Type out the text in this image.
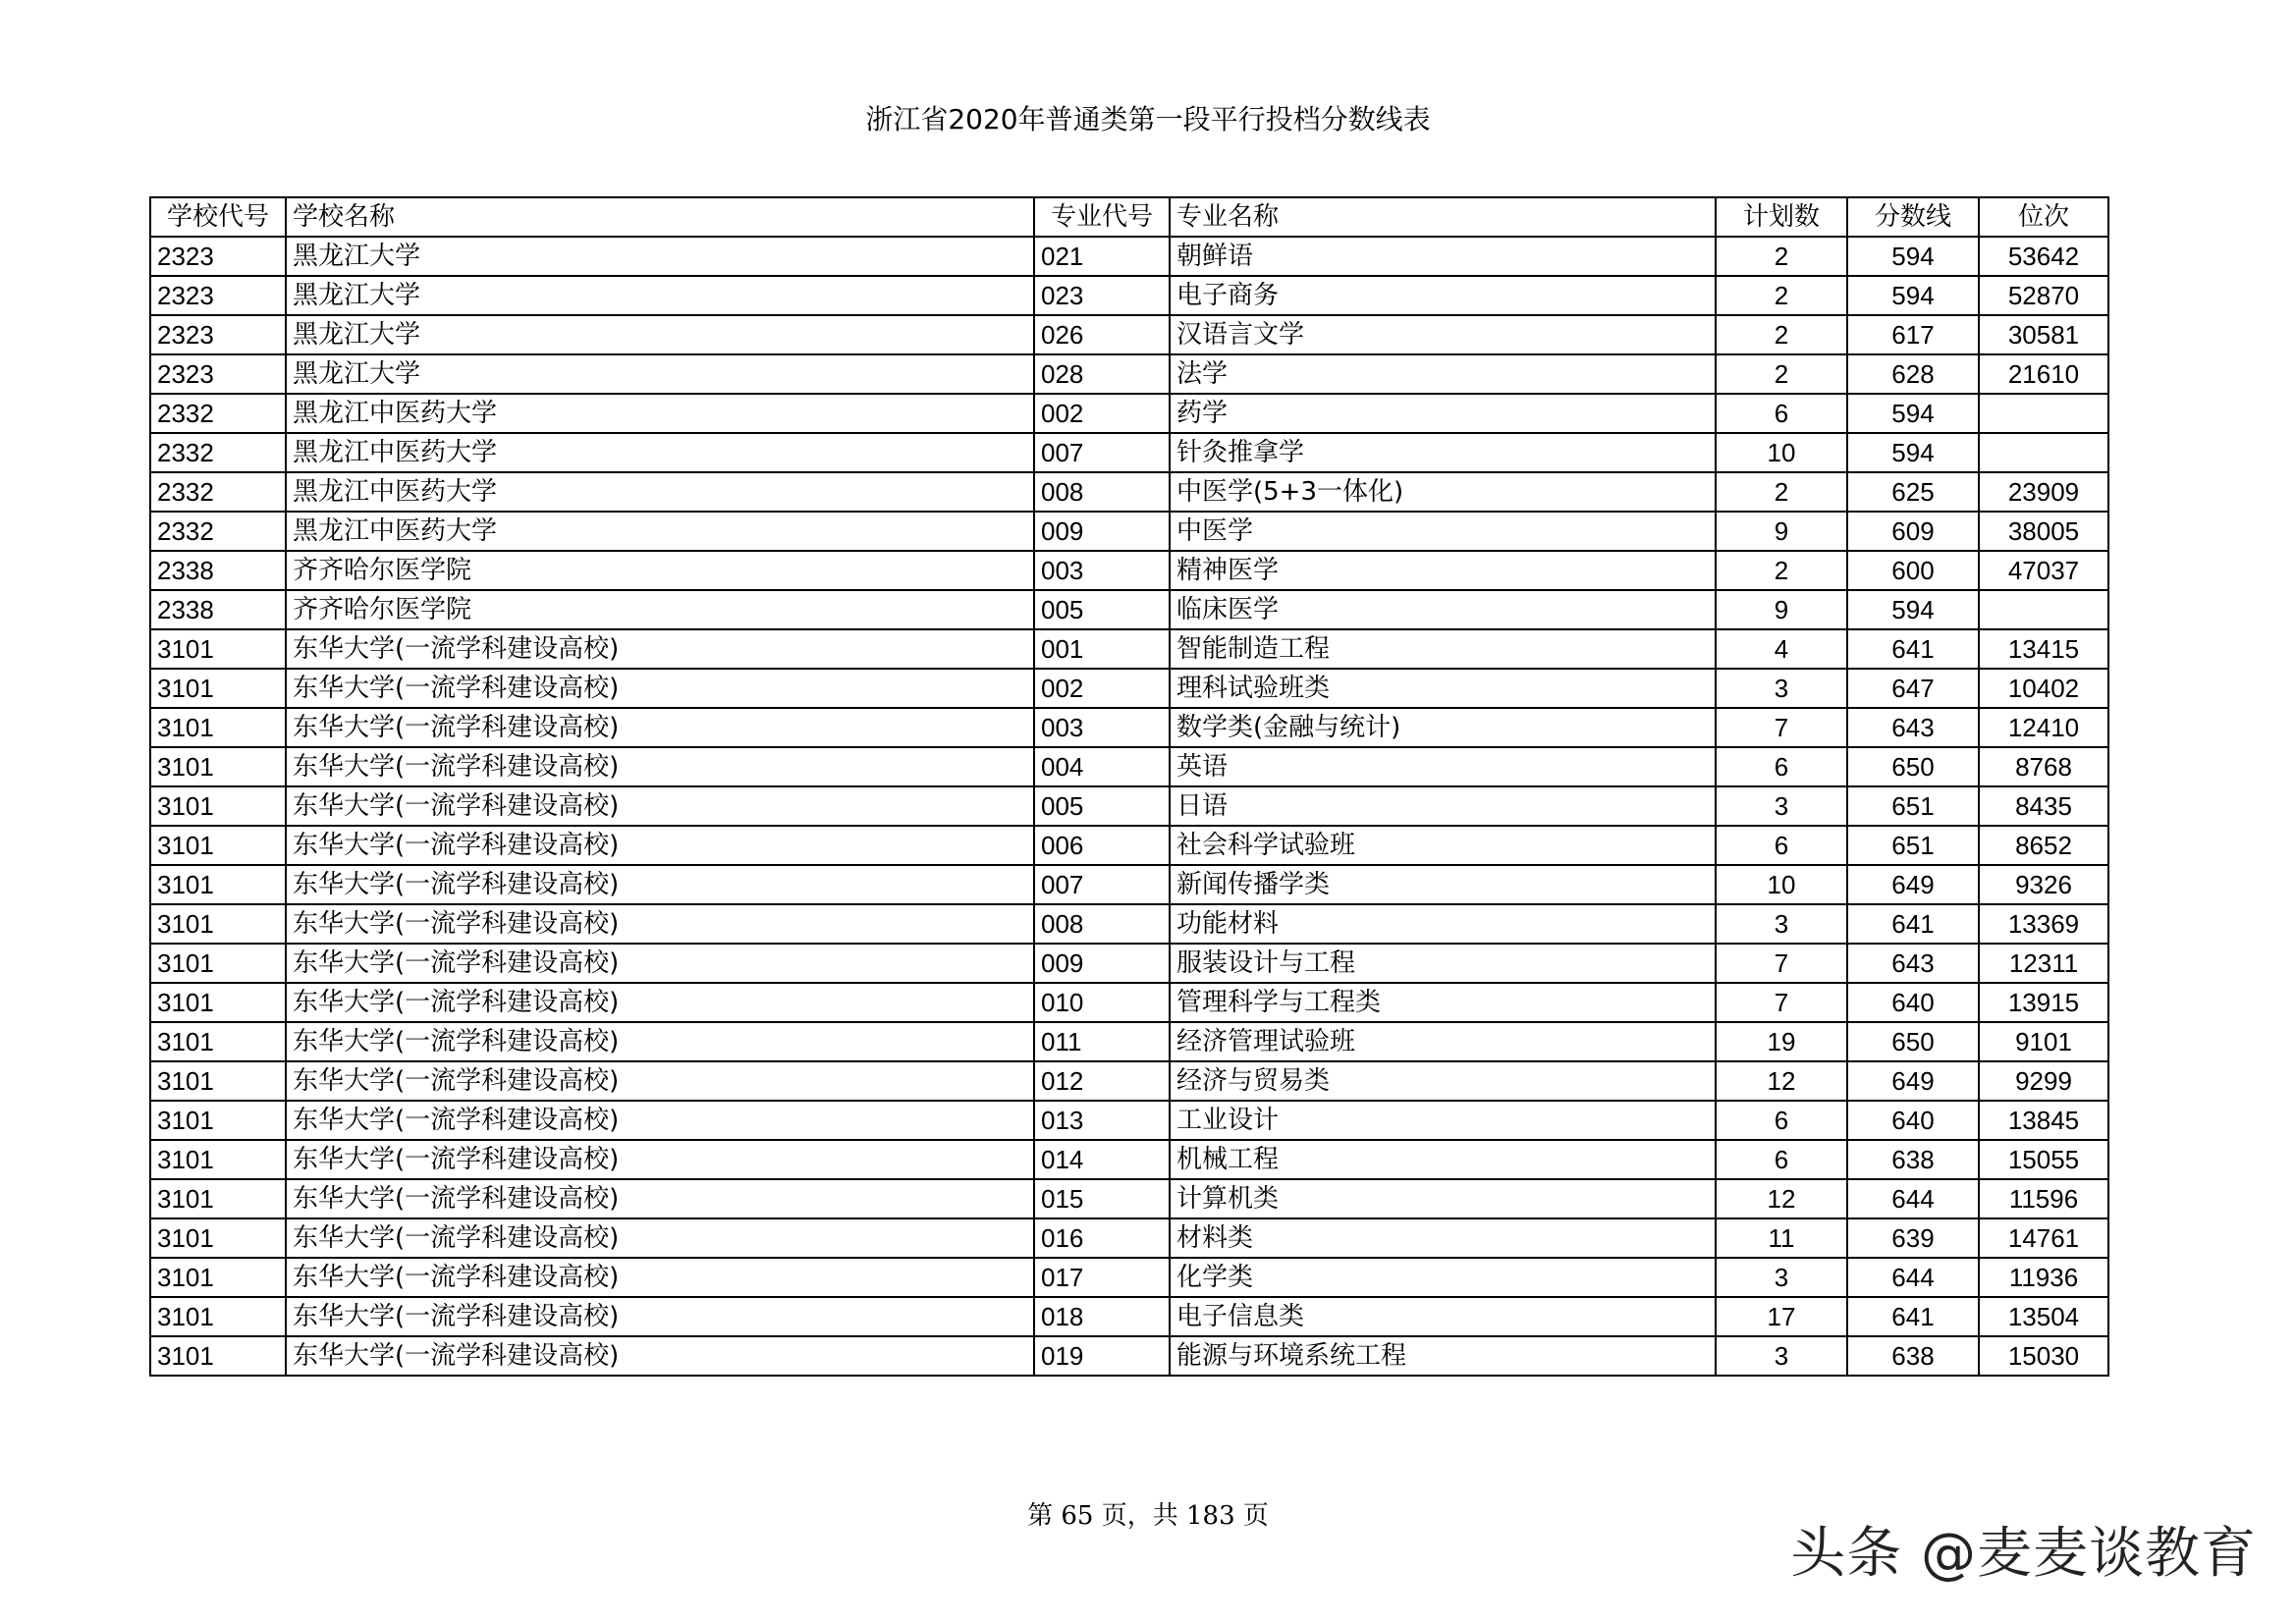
浙江省2020年普通类第一段平行投档分数线表
学校代号	学校名称	专业代号	专业名称	计划数	分数线	位次
2323	黑龙江大学	021	朝鲜语	2	594	53642
2323	黑龙江大学	023	电子商务	2	594	52870
2323	黑龙江大学	026	汉语言文学	2	617	30581
2323	黑龙江大学	028	法学	2	628	21610
2332	黑龙江中医药大学	002	药学	6	594	
2332	黑龙江中医药大学	007	针灸推拿学	10	594	
2332	黑龙江中医药大学	008	中医学(5+3一体化)	2	625	23909
2332	黑龙江中医药大学	009	中医学	9	609	38005
2338	齐齐哈尔医学院	003	精神医学	2	600	47037
2338	齐齐哈尔医学院	005	临床医学	9	594	
3101	东华大学(一流学科建设高校)	001	智能制造工程	4	641	13415
3101	东华大学(一流学科建设高校)	002	理科试验班类	3	647	10402
3101	东华大学(一流学科建设高校)	003	数学类(金融与统计)	7	643	12410
3101	东华大学(一流学科建设高校)	004	英语	6	650	8768
3101	东华大学(一流学科建设高校)	005	日语	3	651	8435
3101	东华大学(一流学科建设高校)	006	社会科学试验班	6	651	8652
3101	东华大学(一流学科建设高校)	007	新闻传播学类	10	649	9326
3101	东华大学(一流学科建设高校)	008	功能材料	3	641	13369
3101	东华大学(一流学科建设高校)	009	服装设计与工程	7	643	12311
3101	东华大学(一流学科建设高校)	010	管理科学与工程类	7	640	13915
3101	东华大学(一流学科建设高校)	011	经济管理试验班	19	650	9101
3101	东华大学(一流学科建设高校)	012	经济与贸易类	12	649	9299
3101	东华大学(一流学科建设高校)	013	工业设计	6	640	13845
3101	东华大学(一流学科建设高校)	014	机械工程	6	638	15055
3101	东华大学(一流学科建设高校)	015	计算机类	12	644	11596
3101	东华大学(一流学科建设高校)	016	材料类	11	639	14761
3101	东华大学(一流学科建设高校)	017	化学类	3	644	11936
3101	东华大学(一流学科建设高校)	018	电子信息类	17	641	13504
3101	东华大学(一流学科建设高校)	019	能源与环境系统工程	3	638	15030
第 65 页，共 183 页
头条 @麦麦谈教育
